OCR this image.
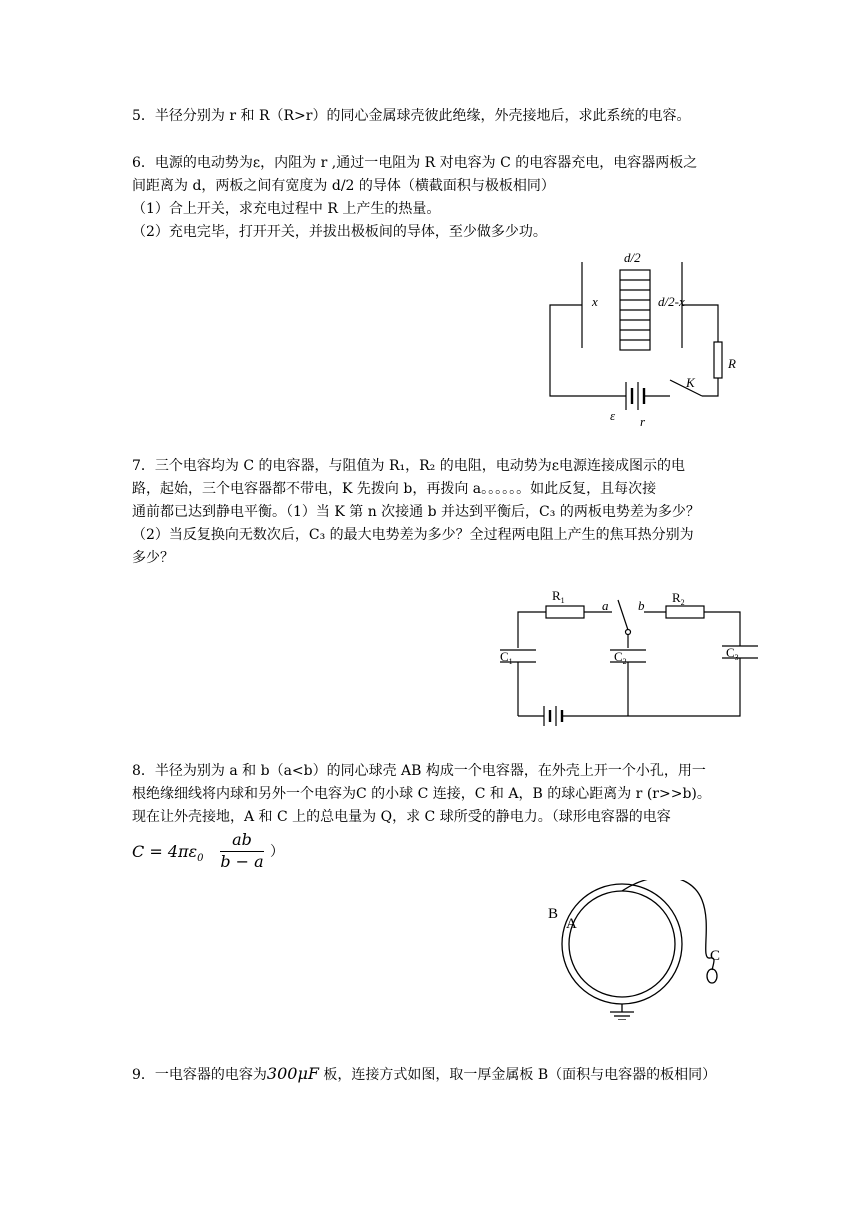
5．半径分别为 r 和 R（R>r）的同心金属球壳彼此绝缘，外壳接地后，求此系统的电容。
6．电源的电动势为ε，内阻为 r ,通过一电阻为 R 对电容为 C 的电容器充电，电容器两板之
间距离为 d，两板之间有宽度为 d/2 的导体（横截面积与极板相同）
（1）合上开关，求充电过程中 R 上产生的热量。
（2）充电完毕，打开开关，并拔出极板间的导体，至少做多少功。
d/2
x	d/2-x
R
K
ε r
7．三个电容均为 C 的电容器，与阻值为 R₁，R₂ 的电阻，电动势为ε电源连接成图示的电
路，起始，三个电容器都不带电，K 先拨向 b，再拨向 a。。。。。。如此反复，且每次接
通前都已达到静电平衡。（1）当 K 第 n 次接通 b 并达到平衡后，C₃ 的两板电势差为多少？
（2）当反复换向无数次后，C₃ 的最大电势差为多少？全过程两电阻上产生的焦耳热分别为
多少？
$R_1$	$R_2$
a b
$C_1$	$C_2$
$C_3$
8．半径为别为 a 和 b（a<b）的同心球壳 AB 构成一个电容器，在外壳上开一个小孔，用一
根绝缘细线将内球和另外一个电容为C 的小球 C 连接，C 和 A，B 的球心距离为 r (r>>b)。
现在让外壳接地，A 和 C 上的总电量为 Q，求 C 球所受的静电力。（球形电容器的电容
$C = 4\pi\varepsilon_0$
ab
b − a ）
B
A
C
9．一电容器的电容为300μF 板，连接方式如图，取一厚金属板 B（面积与电容器的板相同）
